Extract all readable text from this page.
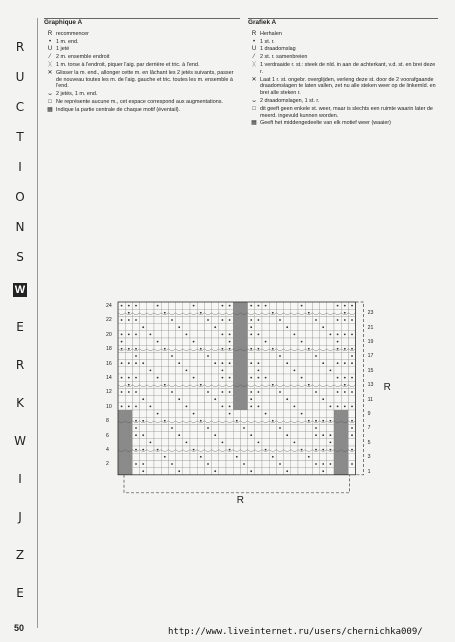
R
U
C
T
I
O
N
S
W
E
R
K
W
I
J
Z
E
Graphique A
R recommencer
• 1 m. end.
U 1 jeté
⁄	2 m. ensemble endroit
ᚷ 1 m. torse à l'endroit, piquer l'aig. par derrière et tric. à l'end.
✕ Glisser la m. end., allonger cette m. en lâchant les 2 jetés suivants, passer de nouveau toutes les m. de l'aig. gauche et tric. toutes les m. ensemble à l'end.
ᴗ 2 jetés, 1 m. end.
□ Ne représente aucune m., cet espace correspond aux augmentations.
▦ Indique la partie centrale de chaque motif (éventail).
Grafiek A
R Herhalen
• 1 st. r.
U 1 draadomslag
⁄	2 st. r. samenbreien
ᚷ 1 verdraaide r. st.: steek de nld. in aan de achterkant, v.d. st. en brei deze r.
✕ Laat 1 r. st. ongebr. overglijden, verleng deze st. door de 2 voorafgaande draadomslagen te laten vallen, zet nu alle steken weer op de linkernld. en brei alle steken r.
ᴗ 2 draadomslagen, 1 st. r.
□ dit geeft geen enkele st. weer, maar is slechts een ruimte waarin later de meerd. ingevuld kunnen worden.
▦ Geeft het middengedeelte van elk motief weer (waaier)
24
22
20
18
16
14
12
10
8
6
4
2
23
21
19
17
15
13
11
9
7
5
3
1
R
R
50	http://www.liveinternet.ru/users/chernichka009/
